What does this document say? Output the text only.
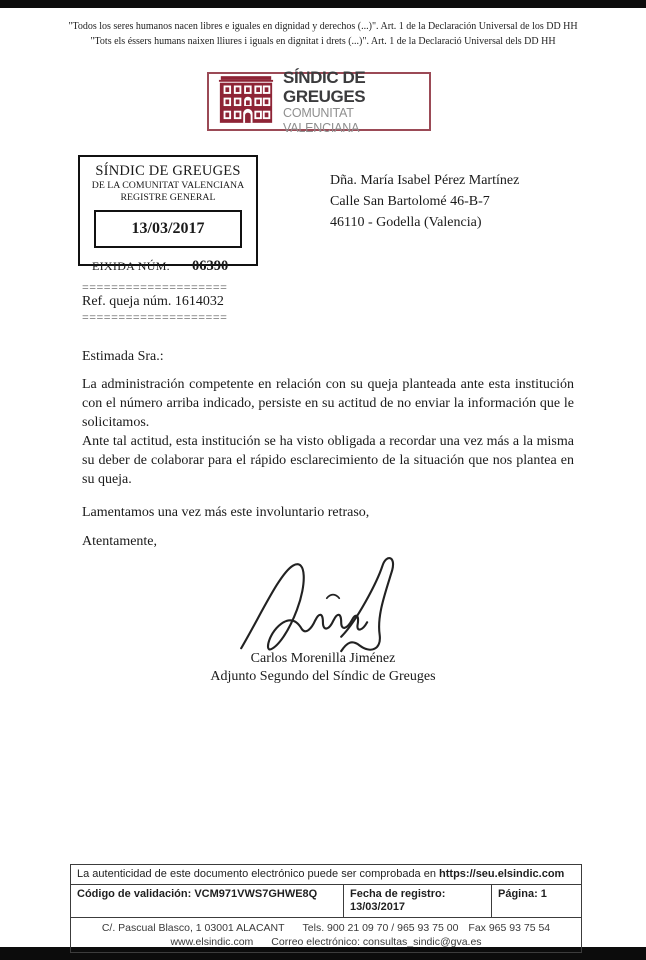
"Todos los seres humanos nacen libres e iguales en dignidad y derechos (...)". Art. 1 de la Declaración Universal de los DD HH
"Tots els éssers humans naixen lliures i iguals en dignitat i drets (...)". Art. 1 de la Declaració Universal dels DD HH
SÍNDIC DE GREUGES
COMUNITAT VALENCIANA
SÍNDIC DE GREUGES
DE LA COMUNITAT VALENCIANA
REGISTRE GENERAL
13/03/2017
EIXIDA NÚM. 06390
Dña. María Isabel Pérez Martínez
Calle San Bartolomé 46-B-7
46110 - Godella (Valencia)
====================
Ref. queja núm. 1614032
====================
Estimada Sra.:
La administración competente en relación con su queja planteada ante esta institución con el número arriba indicado, persiste en su actitud de no enviar la información que le solicitamos.
Ante tal actitud, esta institución se ha visto obligada a recordar una vez más a la misma su deber de colaborar para el rápido esclarecimiento de la situación que nos plantea en su queja.
Lamentamos una vez más este involuntario retraso,
Atentamente,
Carlos Morenilla Jiménez
Adjunto Segundo del Síndic de Greuges
La autenticidad de este documento electrónico puede ser comprobada en https://seu.elsindic.com
Código de validación: VCM971VWS7GHWE8Q	Fecha de registro: 13/03/2017
Página: 1
C/. Pascual Blasco, 1 03001 ALACANT Tels. 900 21 09 70 / 965 93 75 00 Fax 965 93 75 54
www.elsindic.com Correo electrónico: consultas_sindic@gva.es
